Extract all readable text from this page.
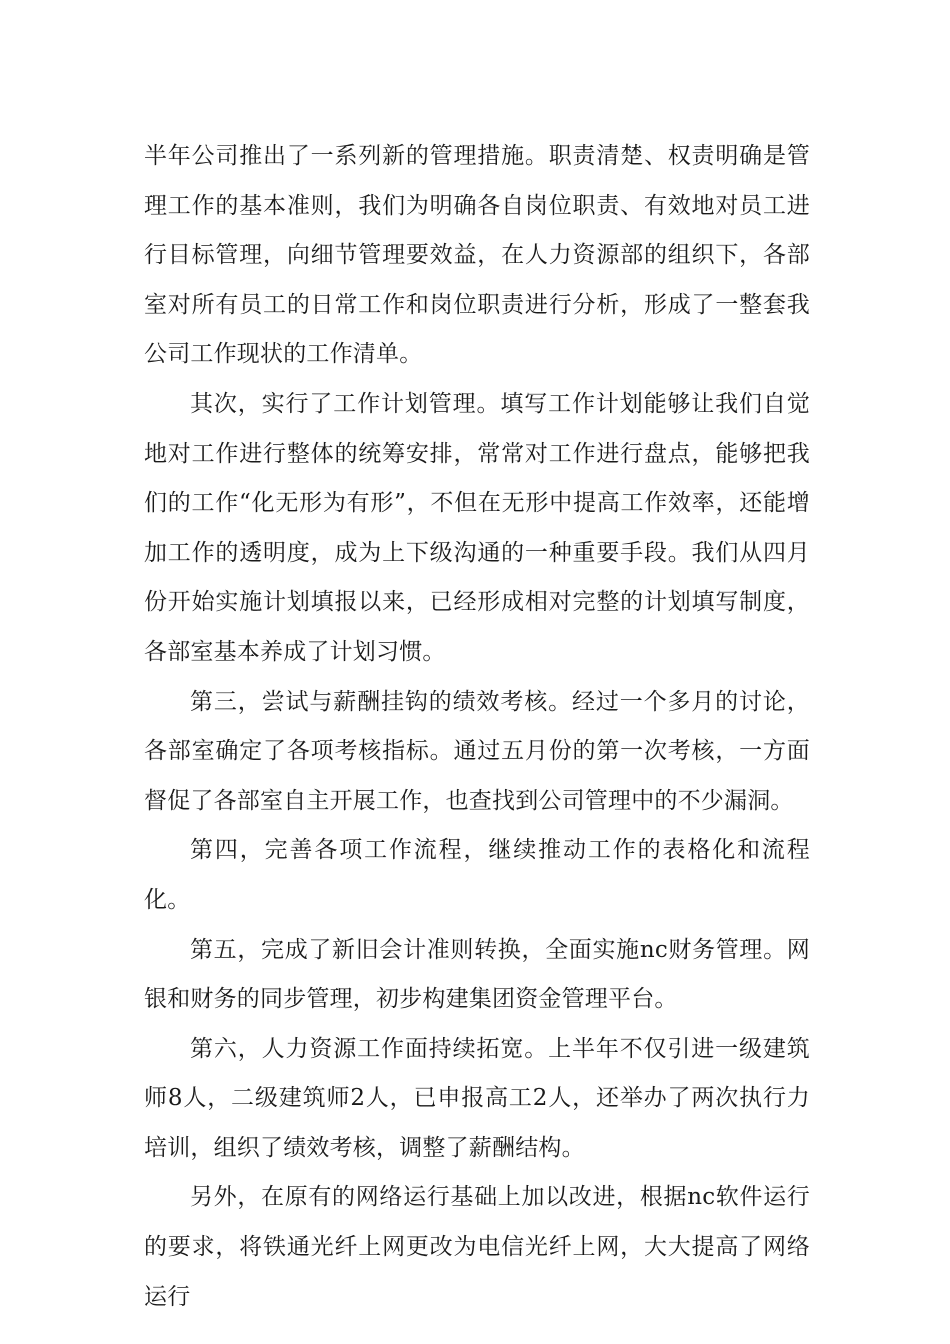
半年公司推出了一系列新的管理措施。职责清楚、权责明确是管理工作的基本准则，我们为明确各自岗位职责、有效地对员工进行目标管理，向细节管理要效益，在人力资源部的组织下，各部室对所有员工的日常工作和岗位职责进行分析，形成了一整套我公司工作现状的工作清单。

其次，实行了工作计划管理。填写工作计划能够让我们自觉地对工作进行整体的统筹安排，常常对工作进行盘点，能够把我们的工作“化无形为有形”，不但在无形中提高工作效率，还能增加工作的透明度，成为上下级沟通的一种重要手段。我们从四月份开始实施计划填报以来，已经形成相对完整的计划填写制度，各部室基本养成了计划习惯。

第三，尝试与薪酬挂钩的绩效考核。经过一个多月的讨论，各部室确定了各项考核指标。通过五月份的第一次考核，一方面督促了各部室自主开展工作，也查找到公司管理中的不少漏洞。

第四，完善各项工作流程，继续推动工作的表格化和流程化。

第五，完成了新旧会计准则转换，全面实施nc财务管理。网银和财务的同步管理，初步构建集团资金管理平台。

第六，人力资源工作面持续拓宽。上半年不仅引进一级建筑师8人，二级建筑师2人，已申报高工2人，还举办了两次执行力培训，组织了绩效考核，调整了薪酬结构。

另外，在原有的网络运行基础上加以改进，根据nc软件运行的要求，将铁通光纤上网更改为电信光纤上网，大大提高了网络运行
